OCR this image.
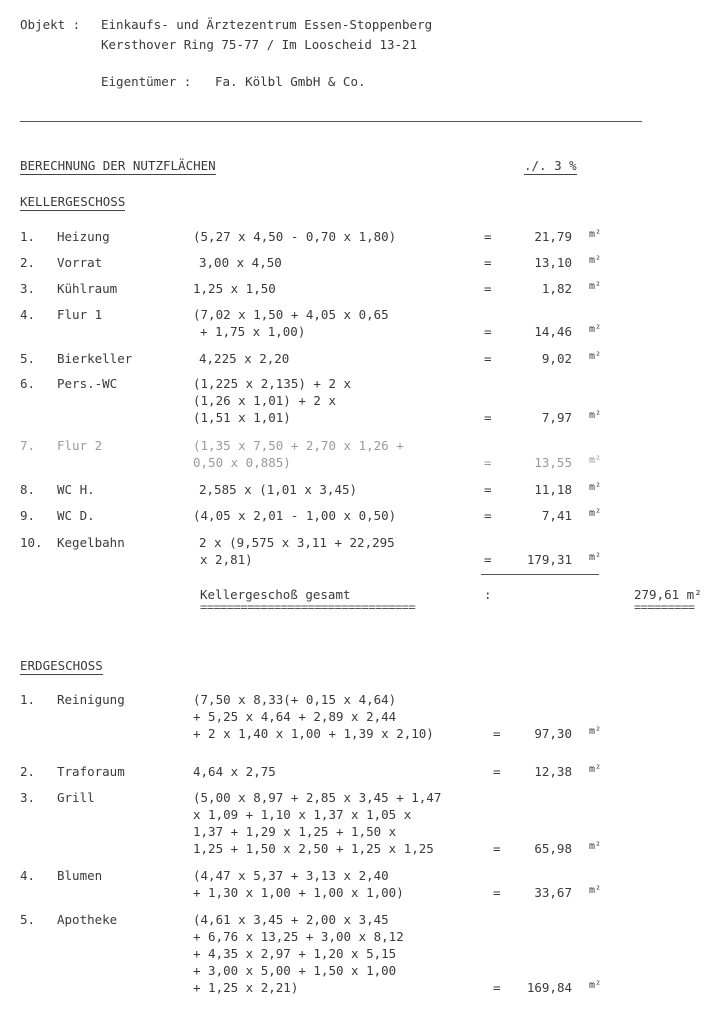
Objekt : Einkaufs- und Ärztezentrum Essen-Stoppenberg
Kersthover Ring 75-77 / Im Looscheid 13-21
Eigentümer : Fa. Kölbl GmbH & Co.
BERECHNUNG DER NUTZFLÄCHEN	./. 3 %
KELLERGESCHOSS
1. Heizung	(5,27 x 4,50 - 0,70 x 1,80)	=	21,79 m²
2. Vorrat	3,00 x 4,50	=	13,10 m²
3. Kühlraum	1,25 x 1,50	=	1,82 m²
4. Flur 1	(7,02 x 1,50 + 4,05 x 0,65
+ 1,75 x 1,00)	=	14,46 m²
5. Bierkeller	4,225 x 2,20	=	9,02 m²
6. Pers.-WC	(1,225 x 2,135) + 2 x
(1,26 x 1,01) + 2 x
(1,51 x 1,01)	=	7,97 m²
7. Flur 2	(1,35 x 7,50 + 2,70 x 1,26 +
0,50 x 0,885)	=	13,55 m²
8. WC H.	2,585 x (1,01 x 3,45)	=	11,18 m²
9. WC D.	(4,05 x 2,01 - 1,00 x 0,50)	=	7,41 m²
10. Kegelbahn	2 x (9,575 x 3,11 + 22,295
x 2,81)	=	179,31 m²
Kellergeschoß gesamt	:	279,61 m²
================================	=========
ERDGESCHOSS
1. Reinigung	(7,50 x 8,33(+ 0,15 x 4,64)
+ 5,25 x 4,64 + 2,89 x 2,44
+ 2 x 1,40 x 1,00 + 1,39 x 2,10)	=	97,30 m²
2. Traforaum	4,64 x 2,75	=	12,38 m²
3. Grill	(5,00 x 8,97 + 2,85 x 3,45 + 1,47
x 1,09 + 1,10 x 1,37 x 1,05 x
1,37 + 1,29 x 1,25 + 1,50 x
1,25 + 1,50 x 2,50 + 1,25 x 1,25	=	65,98 m²
4. Blumen	(4,47 x 5,37 + 3,13 x 2,40
+ 1,30 x 1,00 + 1,00 x 1,00)	=	33,67 m²
5. Apotheke	(4,61 x 3,45 + 2,00 x 3,45
+ 6,76 x 13,25 + 3,00 x 8,12
+ 4,35 x 2,97 + 1,20 x 5,15
+ 3,00 x 5,00 + 1,50 x 1,00
+ 1,25 x 2,21)	= 169,84 m²
